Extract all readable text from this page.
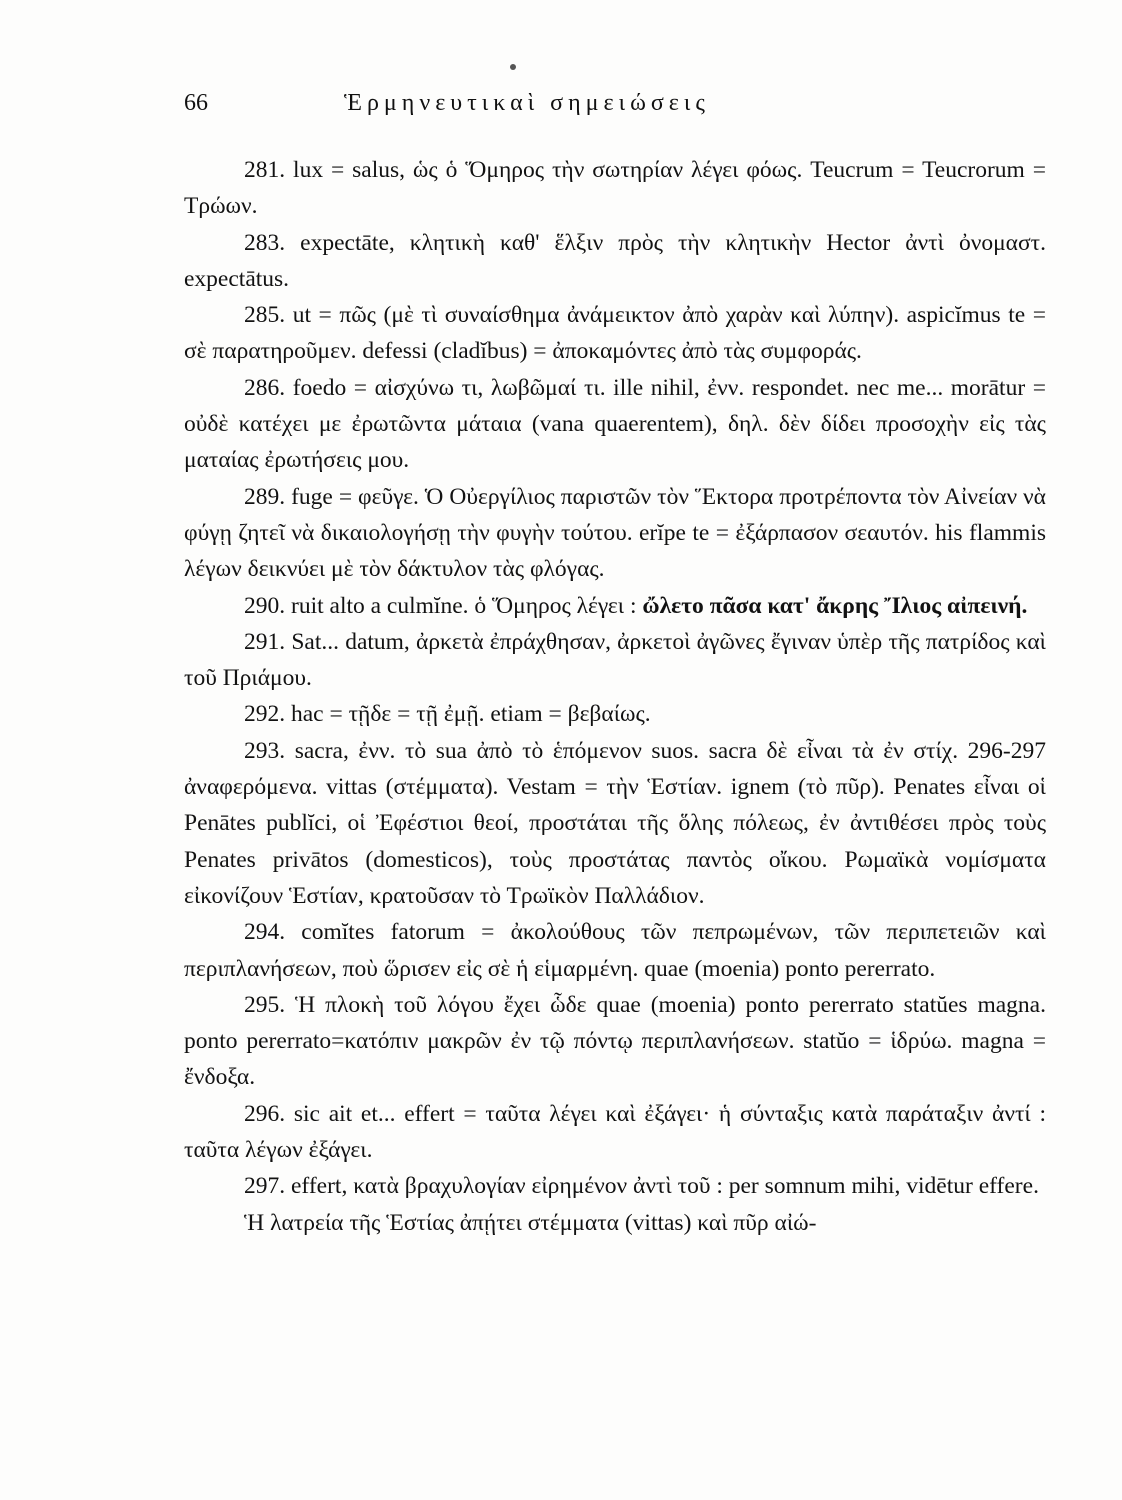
66	Ἑρμηνευτικαὶ σημειώσεις

281. lux = salus, ὡς ὁ Ὅμηρος τὴν σωτηρίαν λέγει φόως. Teucrum = Teucrorum = Τρώων.

283. expectāte, κλητικὴ καθ' ἕλξιν πρὸς τὴν κλητικὴν Hector ἀντὶ ὀνομαστ. expectātus.

285. ut = πῶς (μὲ τὶ συναίσθημα ἀνάμεικτον ἀπὸ χαρὰν καὶ λύπην). aspicĭmus te = σὲ παρατηροῦμεν. defessi (cladĭbus) = ἀποκαμόντες ἀπὸ τὰς συμφοράς.

286. foedo = αἰσχύνω τι, λωβῶμαί τι. ille nihil, ἐνν. respondet. nec me... morātur = οὐδὲ κατέχει με ἐρωτῶντα μάταια (vana quaerentem), δηλ. δὲν δίδει προσοχὴν εἰς τὰς ματαίας ἐρωτήσεις μου.

289. fuge = φεῦγε. Ὁ Οὐεργίλιος παριστῶν τὸν Ἕκτορα προτρέποντα τὸν Αἰνείαν νὰ φύγῃ ζητεῖ νὰ δικαιολογήσῃ τὴν φυγὴν τούτου. erĭpe te = ἐξάρπασον σεαυτόν. his flammis λέγων δεικνύει μὲ τὸν δάκτυλον τὰς φλόγας.

290. ruit alto a culmĭne. ὁ Ὅμηρος λέγει : ὤλετο πᾶσα κατ' ἄκρης Ἴλιος αἰπεινή.

291. Sat... datum, ἀρκετὰ ἐπράχθησαν, ἀρκετοὶ ἀγῶνες ἔγιναν ὑπὲρ τῆς πατρίδος καὶ τοῦ Πριάμου.

292. hac = τῇδε = τῇ ἐμῇ. etiam = βεβαίως.

293. sacra, ἐνν. τὸ sua ἀπὸ τὸ ἑπόμενον suos. sacra δὲ εἶναι τὰ ἐν στίχ. 296-297 ἀναφερόμενα. vittas (στέμματα). Vestam = τὴν Ἑστίαν. ignem (τὸ πῦρ). Penates εἶναι οἱ Penātes publĭci, οἱ Ἐφέστιοι θεοί, προστάται τῆς ὅλης πόλεως, ἐν ἀντιθέσει πρὸς τοὺς Penates privātos (domesticos), τοὺς προστάτας παντὸς οἴκου. Ρωμαϊκὰ νομίσματα εἰκονίζουν Ἑστίαν, κρατοῦσαν τὸ Τρωϊκὸν Παλλάδιον.

294. comĭtes fatorum = ἀκολούθους τῶν πεπρωμένων, τῶν περιπετειῶν καὶ περιπλανήσεων, ποὺ ὥρισεν εἰς σὲ ἡ εἱμαρμένη. quae (moenia) ponto pererrato.

295. Ἡ πλοκὴ τοῦ λόγου ἔχει ὧδε quae (moenia) ponto pererrato statŭes magna. ponto pererrato=κατόπιν μακρῶν ἐν τῷ πόντῳ περιπλανήσεων. statŭo = ἱδρύω. magna = ἔνδοξα.

296. sic ait et... effert = ταῦτα λέγει καὶ ἐξάγει· ἡ σύνταξις κατὰ παράταξιν ἀντί : ταῦτα λέγων ἐξάγει.

297. effert, κατὰ βραχυλογίαν εἰρημένον ἀντὶ τοῦ : per somnum mihi, vidētur effere.

Ἡ λατρεία τῆς Ἑστίας ἀπῄτει στέμματα (vittas) καὶ πῦρ αἰώ-
